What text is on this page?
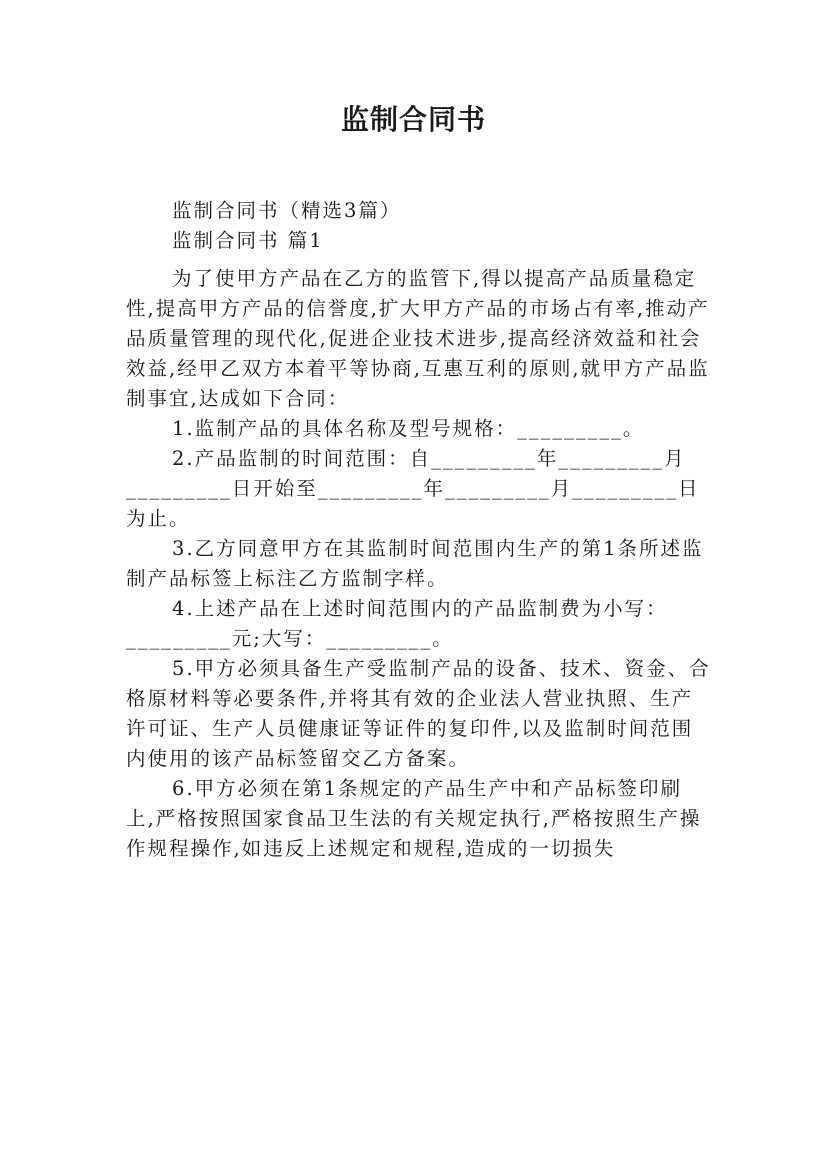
监制合同书

监制合同书（精选3篇）

监制合同书 篇1

为了使甲方产品在乙方的监管下,得以提高产品质量稳定性,提高甲方产品的信誉度,扩大甲方产品的市场占有率,推动产品质量管理的现代化,促进企业技术进步,提高经济效益和社会效益,经甲乙双方本着平等协商,互惠互利的原则,就甲方产品监制事宜,达成如下合同：

1.监制产品的具体名称及型号规格：_________。

2.产品监制的时间范围：自_________年_________月_________日开始至_________年_________月_________日为止。

3.乙方同意甲方在其监制时间范围内生产的第1条所述监制产品标签上标注乙方监制字样。

4.上述产品在上述时间范围内的产品监制费为小写：_________元;大写：_________。

5.甲方必须具备生产受监制产品的设备、技术、资金、合格原材料等必要条件,并将其有效的企业法人营业执照、生产许可证、生产人员健康证等证件的复印件,以及监制时间范围内使用的该产品标签留交乙方备案。

6.甲方必须在第1条规定的产品生产中和产品标签印刷上,严格按照国家食品卫生法的有关规定执行,严格按照生产操作规程操作,如违反上述规定和规程,造成的一切损失
